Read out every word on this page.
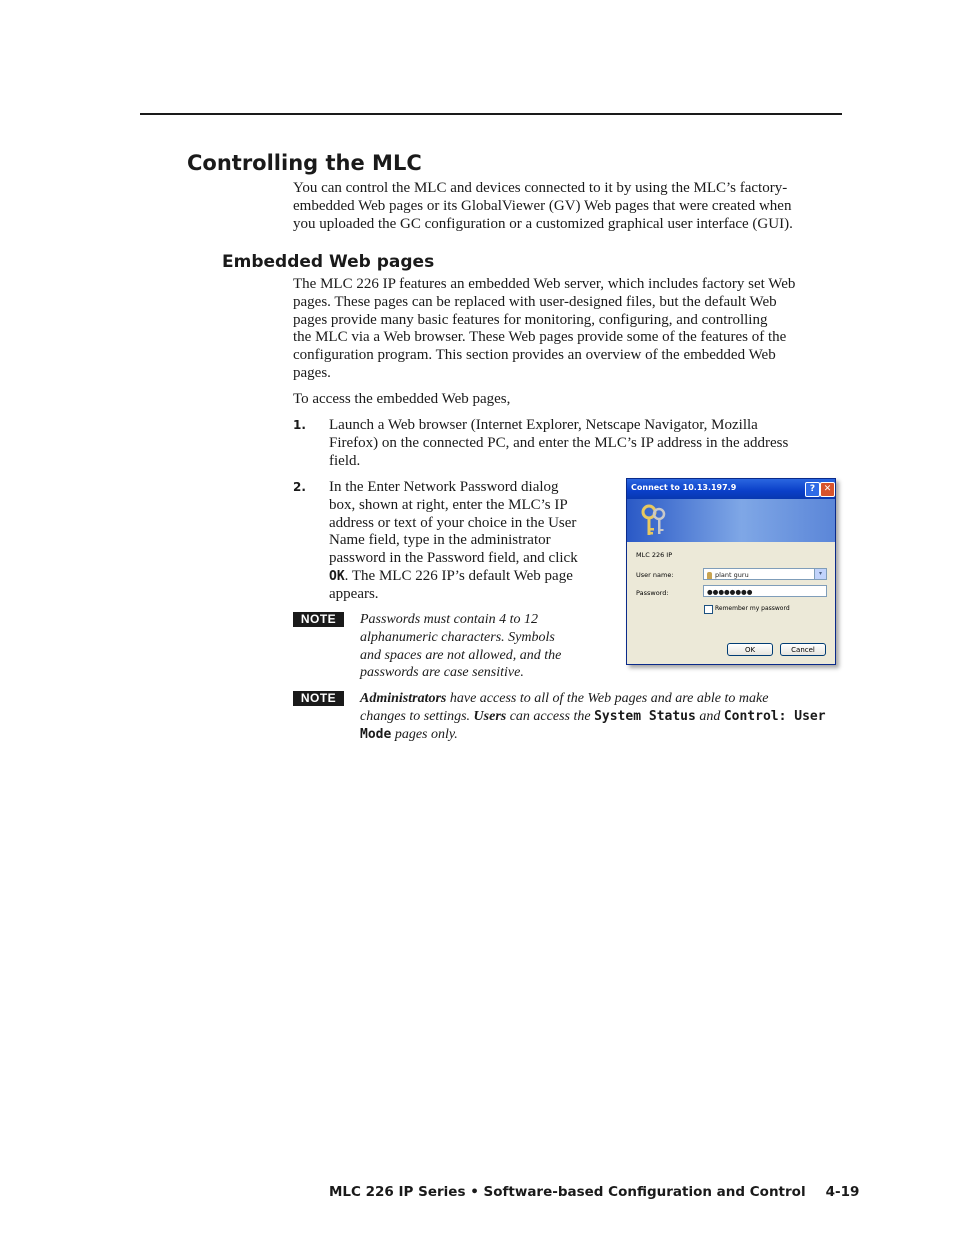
Controlling the MLC

You can control the MLC and devices connected to it by using the MLC’s factory-
embedded Web pages or its GlobalViewer (GV) Web pages that were created when
you uploaded the GC configuration or a customized graphical user interface (GUI).

Embedded Web pages

The MLC 226 IP features an embedded Web server, which includes factory set Web
pages. These pages can be replaced with user-designed files, but the default Web
pages provide many basic features for monitoring, configuring, and controlling
the MLC via a Web browser. These Web pages provide some of the features of the
configuration program. This section provides an overview of the embedded Web
pages.

To access the embedded Web pages,

1. Launch a Web browser (Internet Explorer, Netscape Navigator, Mozilla
Firefox) on the connected PC, and enter the MLC’s IP address in the address
field.

2. In the Enter Network Password dialog
box, shown at right, enter the MLC’s IP
address or text of your choice in the User
Name field, type in the administrator
password in the Password field, and click
OK. The MLC 226 IP’s default Web page
appears.

NOTE	Passwords must contain 4 to 12
alphanumeric characters. Symbols
and spaces are not allowed, and the
passwords are case sensitive.

NOTE	Administrators have access to all of the Web pages and are able to make
changes to settings. Users can access the System Status and Control: User
Mode pages only.

Connect to 10.13.197.9	? ✕
MLC 226 IP
User name:	plant guru	▾
Password:	●●●●●●●●
Remember my password
OK	Cancel
MLC 226 IP Series • Software-based Configuration and Control 4-19
